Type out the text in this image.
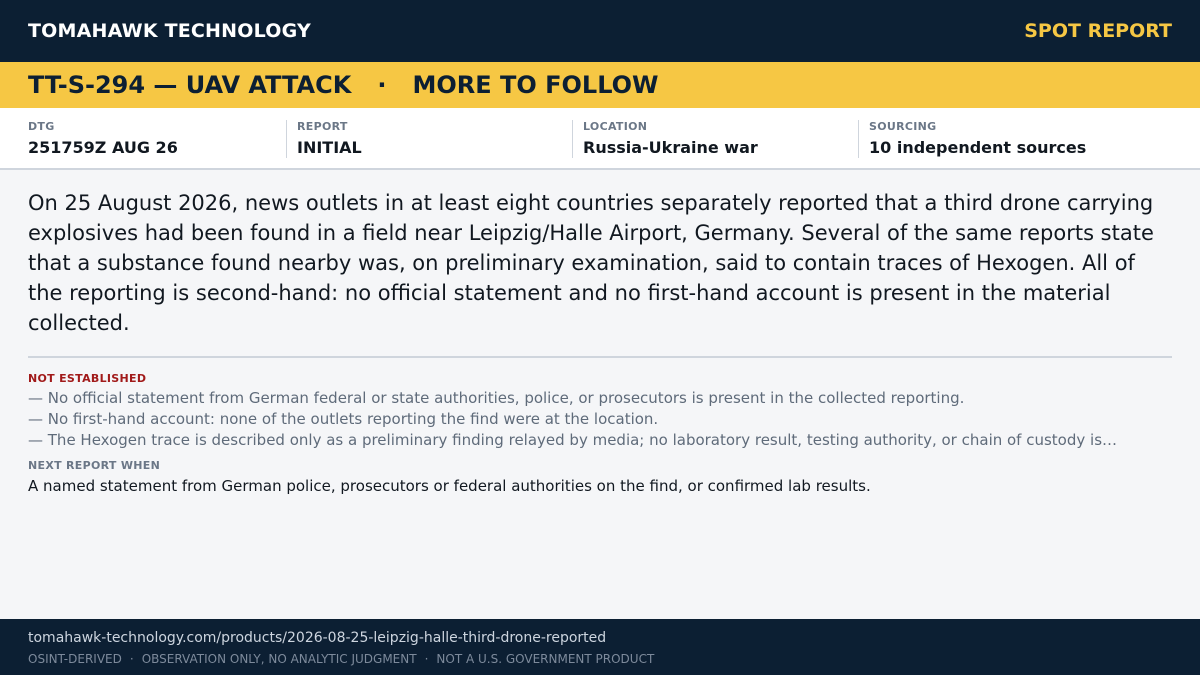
TOMAHAWK TECHNOLOGY	SPOT REPORT
TT-S-294 — UAV ATTACK	·	MORE TO FOLLOW
DTG
251759Z AUG 26
REPORT
INITIAL
LOCATION
Russia-Ukraine war
SOURCING
10 independent sources

On 25 August 2026, news outlets in at least eight countries separately reported that a third drone carrying explosives had been found in a field near Leipzig/Halle Airport, Germany. Several of the same reports state that a substance found nearby was, on preliminary examination, said to contain traces of Hexogen. All of the reporting is second-hand: no official statement and no first-hand account is present in the material collected.

NOT ESTABLISHED
— No official statement from German federal or state authorities, police, or prosecutors is present in the collected reporting.
— No first-hand account: none of the outlets reporting the find were at the location.
— The Hexogen trace is described only as a preliminary finding relayed by media; no laboratory result, testing authority, or chain of custody is…
NEXT REPORT WHEN
A named statement from German police, prosecutors or federal authorities on the find, or confirmed lab results.
tomahawk-technology.com/products/2026-08-25-leipzig-halle-third-drone-reported
OSINT-DERIVED · OBSERVATION ONLY, NO ANALYTIC JUDGMENT · NOT A U.S. GOVERNMENT PRODUCT
